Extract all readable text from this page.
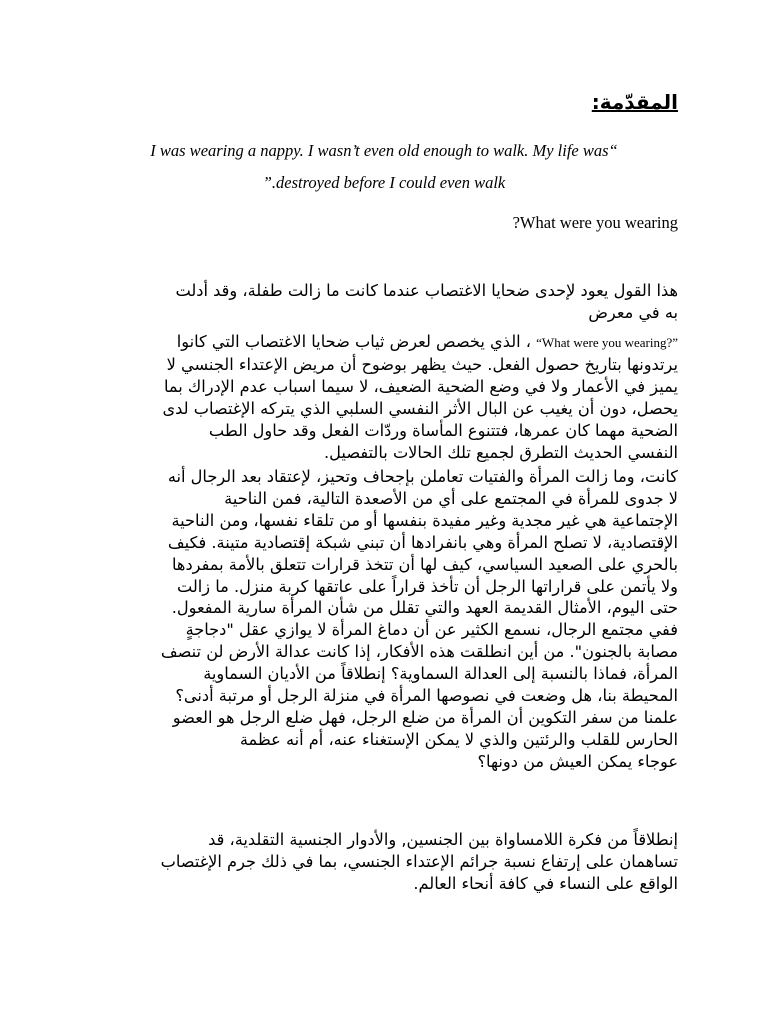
المقدّمة:
I was wearing a nappy. I wasn’t even old enough to walk. My life was“
”.destroyed before I could even walk
?What were you wearing
هذا القول يعود لإحدى ضحايا الاغتصاب عندما كانت ما زالت طفلة، وقد أدلت
به في معرض
“What were you wearing?” ، الذي يخصص لعرض ثياب ضحايا الاغتصاب التي كانوا
يرتدونها بتاريخ حصول الفعل. حيث يظهر بوضوح أن مريض الإعتداء الجنسي لا
يميز في الأعمار ولا في وضع الضحية الضعيف، لا سيما اسباب عدم الإدراك بما
يحصل، دون أن يغيب عن البال الأثر النفسي السلبي الذي يتركه الإغتصاب لدى
الضحية مهما كان عمرها، فتتنوع المأساة وردّات الفعل وقد حاول الطب
النفسي الحديث التطرق لجميع تلك الحالات بالتفصيل.
كانت، وما زالت المرأة والفتيات تعاملن بإجحاف وتحيز، لإعتقاد بعد الرجال أنه
لا جدوى للمرأة في المجتمع على أي من الأصعدة التالية، فمن الناحية
الإجتماعية هي غير مجدية وغير مفيدة بنفسها أو من تلقاء نفسها، ومن الناحية
الإقتصادية، لا تصلح المرأة وهي بانفرادها أن تبني شبكة إقتصادية متينة. فكيف
بالحري على الصعيد السياسي، كيف لها أن تتخذ قرارات تتعلق بالأمة بمفردها
ولا يأتمن على قراراتها الرجل أن تأخذ قراراً على عاتقها كربة منزل. ما زالت
حتى اليوم، الأمثال القديمة العهد والتي تقلل من شأن المرأة سارية المفعول.
ففي مجتمع الرجال، نسمع الكثير عن أن دماغ المرأة لا يوازي عقل "دجاجةٍ
مصابة بالجنون". من أين انطلقت هذه الأفكار، إذا كانت عدالة الأرض لن تنصف
المرأة، فماذا بالنسبة إلى العدالة السماوية؟ إنطلاقاً من الأديان السماوية
المحيطة بنا، هل وضعت في نصوصها المرأة في منزلة الرجل أو مرتبة أدنى؟
علمنا من سفر التكوين أن المرأة من ضلع الرجل، فهل ضلع الرجل هو العضو
الحارس للقلب والرئتين والذي لا يمكن الإستغناء عنه، أم أنه عظمة
عوجاء يمكن العيش من دونها؟
إنطلاقاً من فكرة اللامساواة بين الجنسين, والأدوار الجنسية التقلدية، قد
تساهمان على إرتفاع نسبة جرائم الإعتداء الجنسي، بما في ذلك جرم الإغتصاب
الواقع على النساء في كافة أنحاء العالم.
